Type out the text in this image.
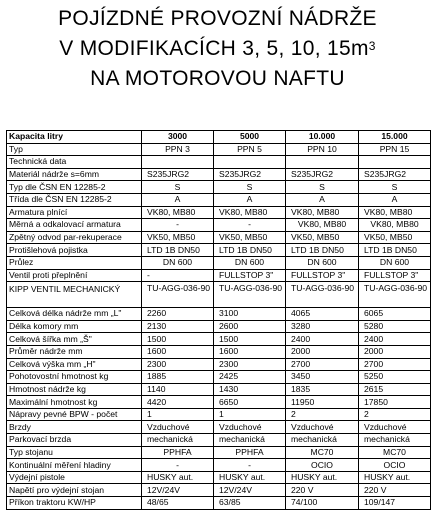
POJÍZDNÉ PROVOZNÍ NÁDRŽE
V MODIFIKACÍCH 3, 5, 10, $15m^3$
NA MOTOROVOU NAFTU
Kapacita litry	3000	5000	10.000	15.000
Typ	PPN 3	PPN 5	PPN 10	PPN 15
Technická data				
Materiál nádrže s=6mm	S235JRG2	S235JRG2	S235JRG2	S235JRG2
Typ dle ČSN EN 12285-2	S	S	S	S
Třída dle ČSN EN 12285-2	A	A	A	A
Armatura plnící	VK80, MB80	VK80, MB80	VK80, MB80	VK80, MB80
Měrná a odkalovací armatura	-	-	VK80, MB80	VK80, MB80
Zpětný odvod par-rekuperace	VK50, MB50	VK50, MB50	VK50, MB50	VK50, MB50
Protišlehová pojistka	LTD 1B DN50	LTD 1B DN50	LTD 1B DN50	LTD 1B DN50
Průlez	DN 600	DN 600	DN 600	DN 600
Ventil proti přeplnění	-	FULLSTOP 3"	FULLSTOP 3"	FULLSTOP 3"
KIPP VENTIL MECHANICKÝ	TU-AGG-036-90	TU-AGG-036-90	TU-AGG-036-90	TU-AGG-036-90
Celková délka nádrže mm „L"	2260	3100	4065	6065
Délka komory mm	2130	2600	3280	5280
Celková šířka mm „Š"	1500	1500	2400	2400
Průměr nádrže mm	1600	1600	2000	2000
Celková výška mm „H"	2300	2300	2700	2700
Pohotovostní hmotnost kg	1885	2425	3450	5250
Hmotnost nádrže kg	1140	1430	1835	2615
Maximální hmotnost kg	4420	6650	11950	17850
Nápravy pevné BPW - počet	1	1	2	2
Brzdy	Vzduchové	Vzduchové	Vzduchové	Vzduchové
Parkovací brzda	mechanická	mechanická	mechanická	mechanická
Typ stojanu	PPHFA	PPHFA	MC70	MC70
Kontinuální měření hladiny	-	-	OCIO	OCIO
Výdejní pistole	HUSKY aut.	HUSKY aut.	HUSKY aut.	HUSKY aut.
Napětí pro výdejní stojan	12V/24V	12V/24V	220 V	220 V
Příkon traktoru KW/HP	48/65	63/85	74/100	109/147
